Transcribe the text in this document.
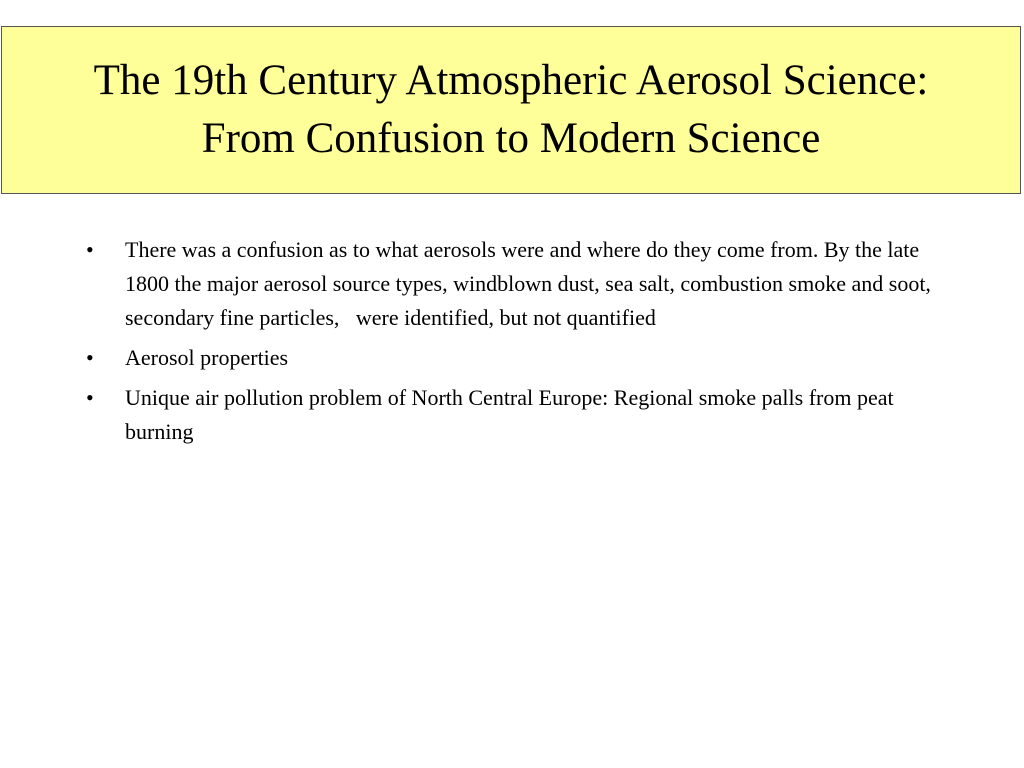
The 19th Century Atmospheric Aerosol Science:
From Confusion to Modern Science
•	There was a confusion as to what aerosols were and where do they come from. By the late 1800 the major aerosol source types, windblown dust, sea salt, combustion smoke and soot, secondary fine particles,   were identified, but not quantified
•	Aerosol properties
•	Unique air pollution problem of North Central Europe: Regional smoke palls from peat burning
